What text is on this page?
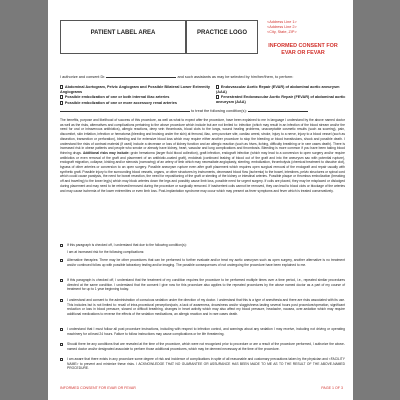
PATIENT LABEL AREA	PRACTICE LOGO
<Address Line 1>
<Address Line 2>
<City, State, ZIP>
INFORMED CONSENT FOR
EVAR OR FEVAR
I authorize and consent Dr.	and such assistants as may be selected by him/her/them, to perform:
Abdominal Aortogram, Pelvic Angiogram and Possible Bilateral Lower Extremity Angiograms
Possible embolization of one or both internal iliac arteries
Possible embolization of one or more accessory renal arteries
Endovascular Aortic Repair (EVAR) of abdominal aortic aneurysm (AAA)
Fenestrated Endovascular Aortic Repair (FEVAR) of abdominal aortic aneurysm (AAA)
to treat the following condition(s):
The benefits, purpose and likelihood of success of this procedure, as well as what to expect after the procedure, have been explained to me in language I understand by the above named doctor as well as the risks, alternatives and complications pertaining to the above procedure which include but are not limited to: infection (which may result in an infection of the blood stream and/or the need for oral or intravenous antibiotics), allergic reactions, deep vein thrombosis, blood clots to the lungs, wound healing problems, unacceptable cosmetic results (such as scarring), pain, discomfort, skin irritation, infection or hematoma (bleeding and bruising under the skin) at femoral, iliac, arm puncture site, cardiac arrest, stroke, injury to a nerve, injury to a blood vessel (such as dissection, transection or perforation), bleeding and for extensive blood loss which may require either another procedure to stop the bleeding or blood transfusions, shock and possible death. I understand the risks of contrast material (if used) include a decrease or loss of kidney function and an allergic reaction (such as hives, itching, difficulty breathing or in rare cases death). There is increased risk in obese patients and people who smoke or already have kidney, heart, vascular and lung complications and thrombosis. Bleeding is more common if you have been taking blood thinning drugs. Additional risks may include: groin hematoma (larger fluid blood collection), graft infection, endograft infection (which may lead to a conversion to open surgery and/or require antibiotics or even removal of the graft and placement of an antibiotic-coated graft), endoleak (continued leaking of blood out of the graft and into the aneurysm sac with potential rupture), endograft migration, collapse, kinking and/or stenosis (narrowing) of an artery of limb which may necessitate angioplasty, stenting, embolization, thrombolysis (chemical treatment to dissolve clot), bypass of other arteries or conversion to an open surgery. Possible aneurysm rupture even after graft placement which requires open surgical removal of the endograft and repair usually with synthetic graft. Possible injury to the surrounding blood vessels, organs, or other structures by instruments, decreased blood flow (ischemia) to the bowel, intestines, pelvic structures or spinal cord which could cause paralysis, the need for bowel resection, the need for repositioning of the graft or stenting of the kidney or intestinal arteries. Possible plaque or thrombus embolization (breaking off and traveling) to the lower leg(s) which may block arteries down the legs and possibly cause limb loss, possible need for urgent surgery. If coils are placed, they may be misplaced or dislodged during placement and may need to be retrieved/removed during the procedure or surgically removed. If inadvertent coils cannot be removed, they can lead to blood clots or blockage of the arteries and may cause ischemia of the lower extremities or even limb loss. Post-implantation syndrome may occur which may present as fever symptoms and fever which is treated conservatively.
If this paragraph is checked off, I understand that due to the following condition(s):
I am at increased risk for the following complications:
Alternative therapies: There may be other procedures that can be performed to further evaluate and/or treat my aortic aneurysm such as open surgery, another alternative is no treatment and/or continued follow up with possible laboratory testing and/or imaging. The possible consequences of not undergoing the procedure have been explained to me.
If this paragraph is checked off, I understand that the treatment of my condition requires the procedure to be performed multiple times over a time period, i.e., repeated similar procedures directed at the same condition. I understand that the consent I give now for this procedure also applies to the repeated procedures by the above named doctor as a part of my course of treatment for up to 1 year beginning today.
I understand and consent to the administration of conscious sedation under the direction of my doctor. I understand that this is a type of anesthesia and there are risks associated with its use. This includes but is not limited to: recall of intra-procedural perception/pain, a lack of awareness, drowsiness and/or sluggishness lasting several hours post procedure/operation, significant reduction or loss in blood pressure, slowed or difficult breathing, changes in heart activity which may also affect my blood pressure, headache, nausea, over-sedation which may require additional medications to reverse the effects of the sedation medications, an allergic reaction and in rare cases death.
I understand that I must follow all post procedure instructions, including with respect to infection control, and warnings about any sedation I may receive, including not driving or operating machinery for at least 24 hours. Failure to follow instructions may cause complications or be life threatening.
Should there be any conditions that are revealed at the time of the procedure, which were not recognized prior to procedure or are a result of the procedure performed, I authorize the above-named doctor and/or designated associate to perform those additional procedures, which may be deemed necessary at the time of the procedure.
I am aware that there exists in any procedure some degree of risk and incidence of complications in spite of all reasonable and customary precautions taken by the physician and <FACILITY NAME> to prevent and minimize these risks. I ACKNOWLEDGE THAT NO GUARANTEE OR ASSURANCE HAS BEEN MADE TO ME AS TO THE RESULT OF THE ABOVE-NAMED PROCEDURE.
INFORMED CONSENT FOR EVAR OR FEVAR	PAGE 1 OF 3
